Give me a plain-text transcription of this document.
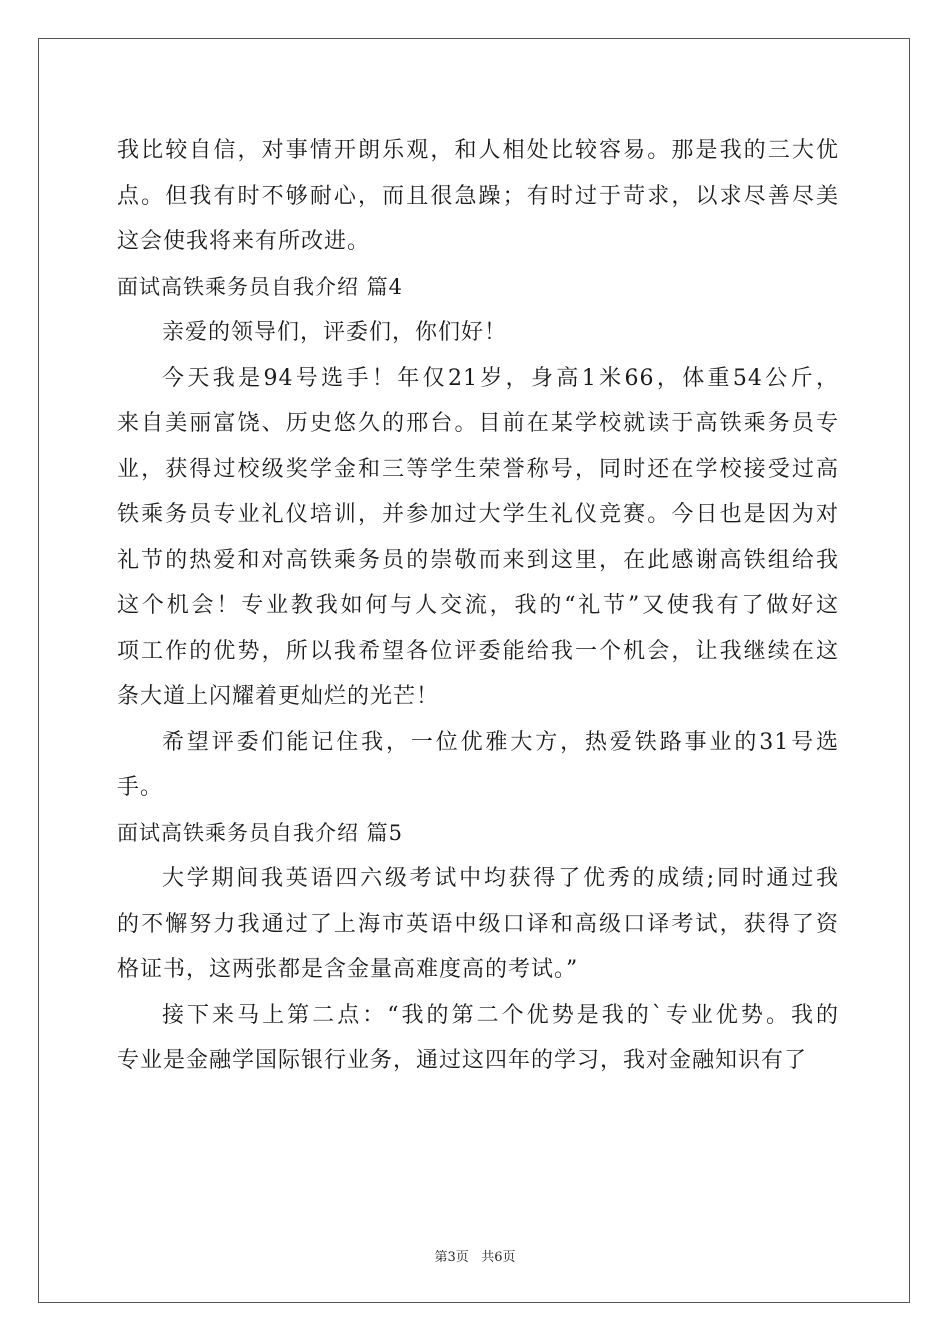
我比较自信，对事情开朗乐观，和人相处比较容易。那是我的三大优
点。但我有时不够耐心，而且很急躁；有时过于苛求，以求尽善尽美
这会使我将来有所改进。
面试高铁乘务员自我介绍 篇4
亲爱的领导们，评委们，你们好！
今天我是94号选手！年仅21岁，身高1米66，体重54公斤，
来自美丽富饶、历史悠久的邢台。目前在某学校就读于高铁乘务员专
业，获得过校级奖学金和三等学生荣誉称号，同时还在学校接受过高
铁乘务员专业礼仪培训，并参加过大学生礼仪竞赛。今日也是因为对
礼节的热爱和对高铁乘务员的崇敬而来到这里，在此感谢高铁组给我
这个机会！专业教我如何与人交流，我的“礼节”又使我有了做好这
项工作的优势，所以我希望各位评委能给我一个机会，让我继续在这
条大道上闪耀着更灿烂的光芒！
希望评委们能记住我，一位优雅大方，热爱铁路事业的31号选
手。
面试高铁乘务员自我介绍 篇5
大学期间我英语四六级考试中均获得了优秀的成绩;同时通过我
的不懈努力我通过了上海市英语中级口译和高级口译考试，获得了资
格证书，这两张都是含金量高难度高的考试。”
接下来马上第二点：“我的第二个优势是我的`专业优势。我的
专业是金融学国际银行业务，通过这四年的学习，我对金融知识有了
第3页 共6页
